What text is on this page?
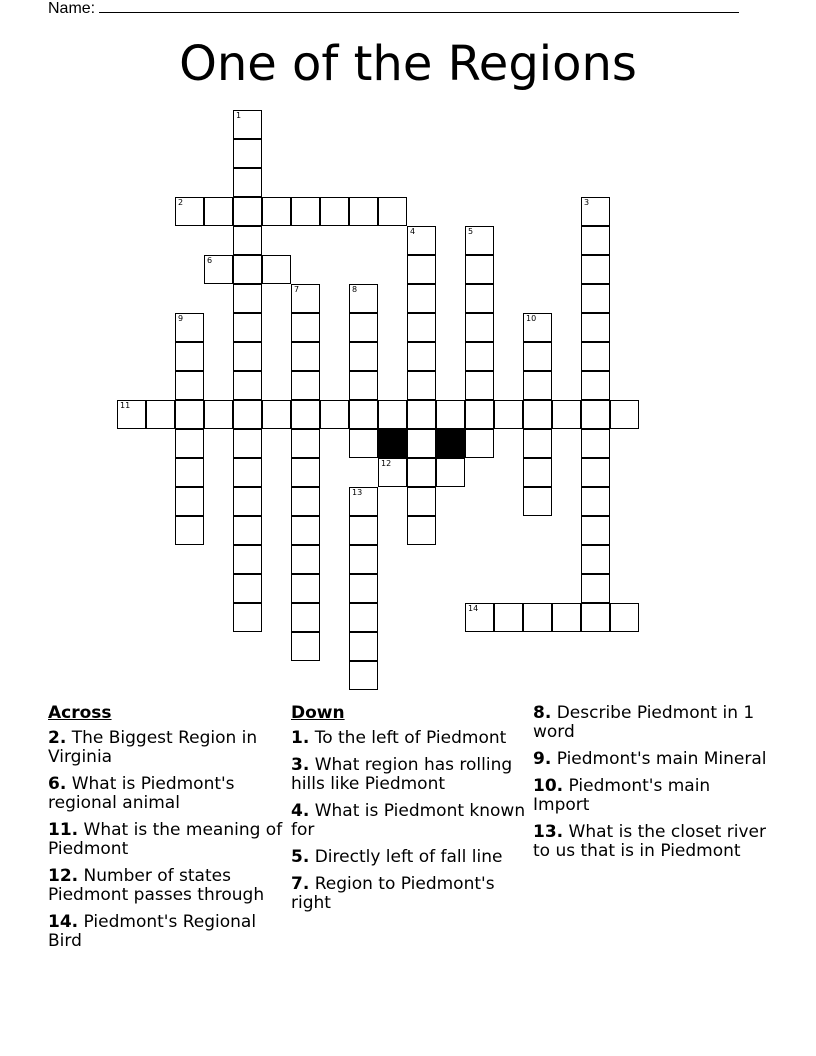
Name:
One of the Regions
1
2	3
4	5
6
7	8
9	10
11
12
13
14
Across
2. The Biggest Region in Virginia
6. What is Piedmont's regional animal
11. What is the meaning of Piedmont
12. Number of states Piedmont passes through
14. Piedmont's Regional Bird
Down
1. To the left of Piedmont
3. What region has rolling hills like Piedmont
4. What is Piedmont known for
5. Directly left of fall line
7. Region to Piedmont's right
8. Describe Piedmont in 1 word
9. Piedmont's main Mineral
10. Piedmont's main Import
13. What is the closet river to us that is in Piedmont
